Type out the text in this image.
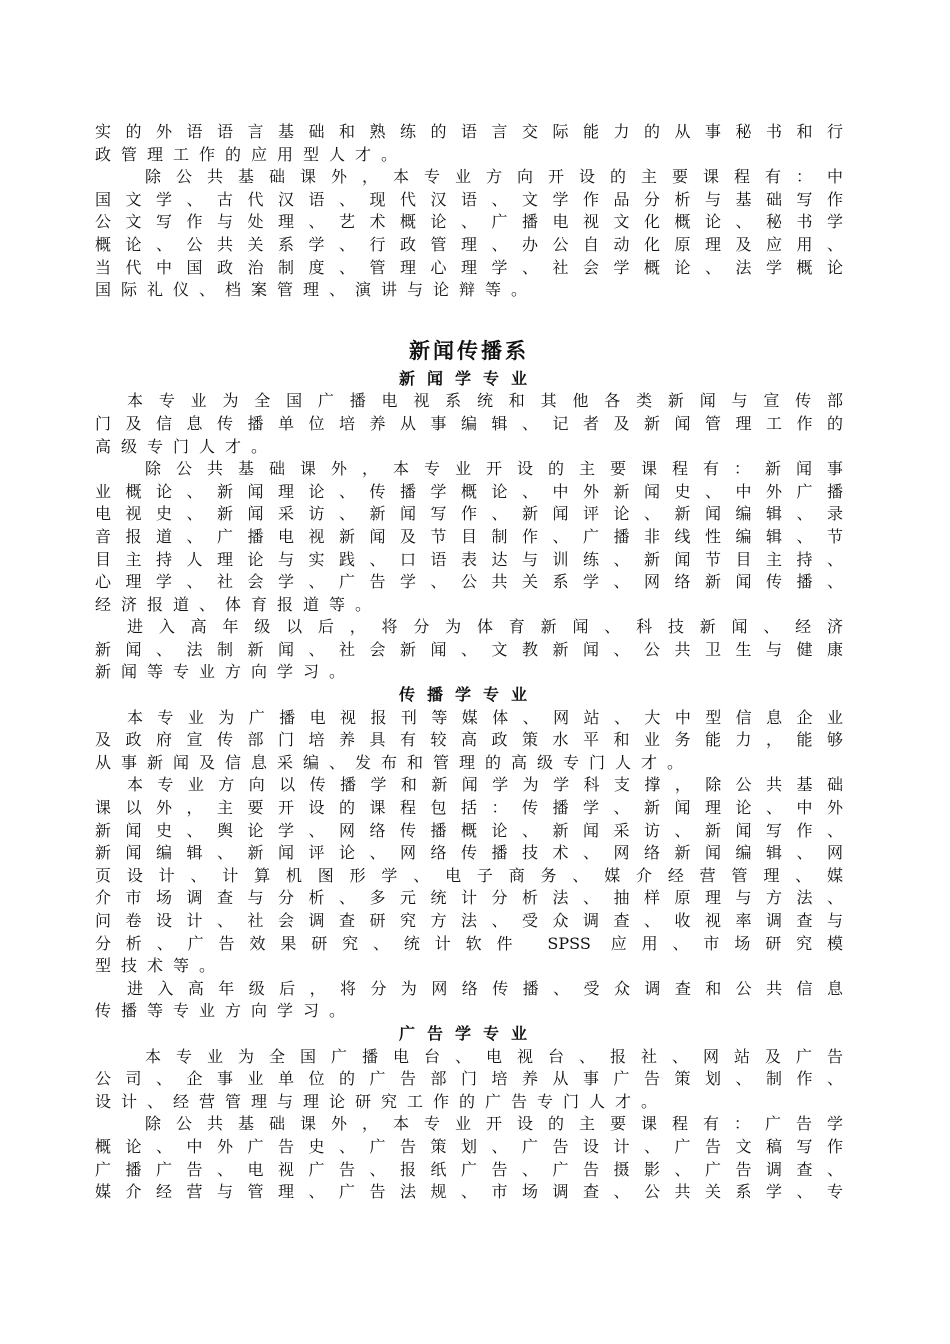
实的外语语言基础和熟练的语言交际能力的从事秘书和行
政管理工作的应用型人才。
除公共基础课外，本专业方向开设的主要课程有：中
国文学、古代汉语、现代汉语、文学作品分析与基础写作
公文写作与处理、艺术概论、广播电视文化概论、秘书学
概论、公共关系学、行政管理、办公自动化原理及应用、
当代中国政治制度、管理心理学、社会学概论、法学概论
国际礼仪、档案管理、演讲与论辩等。
新闻传播系
新闻学专业
本专业为全国广播电视系统和其他各类新闻与宣传部
门及信息传播单位培养从事编辑、记者及新闻管理工作的
高级专门人才。
除公共基础课外，本专业开设的主要课程有：新闻事
业概论、新闻理论、传播学概论、中外新闻史、中外广播
电视史、新闻采访、新闻写作、新闻评论、新闻编辑、录
音报道、广播电视新闻及节目制作、广播非线性编辑、节
目主持人理论与实践、口语表达与训练、新闻节目主持、
心理学、社会学、广告学、公共关系学、网络新闻传播、
经济报道、体育报道等。
进入高年级以后，将分为体育新闻、科技新闻、经济
新闻、法制新闻、社会新闻、文教新闻、公共卫生与健康
新闻等专业方向学习。
传播学专业
本专业为广播电视报刊等媒体、网站、大中型信息企业
及政府宣传部门培养具有较高政策水平和业务能力，能够
从事新闻及信息采编、发布和管理的高级专门人才。
本专业方向以传播学和新闻学为学科支撑，除公共基础
课以外，主要开设的课程包括：传播学、新闻理论、中外
新闻史、舆论学、网络传播概论、新闻采访、新闻写作、
新闻编辑、新闻评论、网络传播技术、网络新闻编辑、网
页设计、计算机图形学、电子商务、媒介经营管理、媒
介市场调查与分析、多元统计分析法、抽样原理与方法、
问卷设计、社会调查研究方法、受众调查、收视率调查与
分析、广告效果研究、统计软件 SPSS 应用、市场研究模
型技术等。
进入高年级后，将分为网络传播、受众调查和公共信息
传播等专业方向学习。
广告学专业
本专业为全国广播电台、电视台、报社、网站及广告
公司、企事业单位的广告部门培养从事广告策划、制作、
设计、经营管理与理论研究工作的广告专门人才。
除公共基础课外，本专业开设的主要课程有：广告学
概论、中外广告史、广告策划、广告设计、广告文稿写作
广播广告、电视广告、报纸广告、广告摄影、广告调查、
媒介经营与管理、广告法规、市场调查、公共关系学、专
